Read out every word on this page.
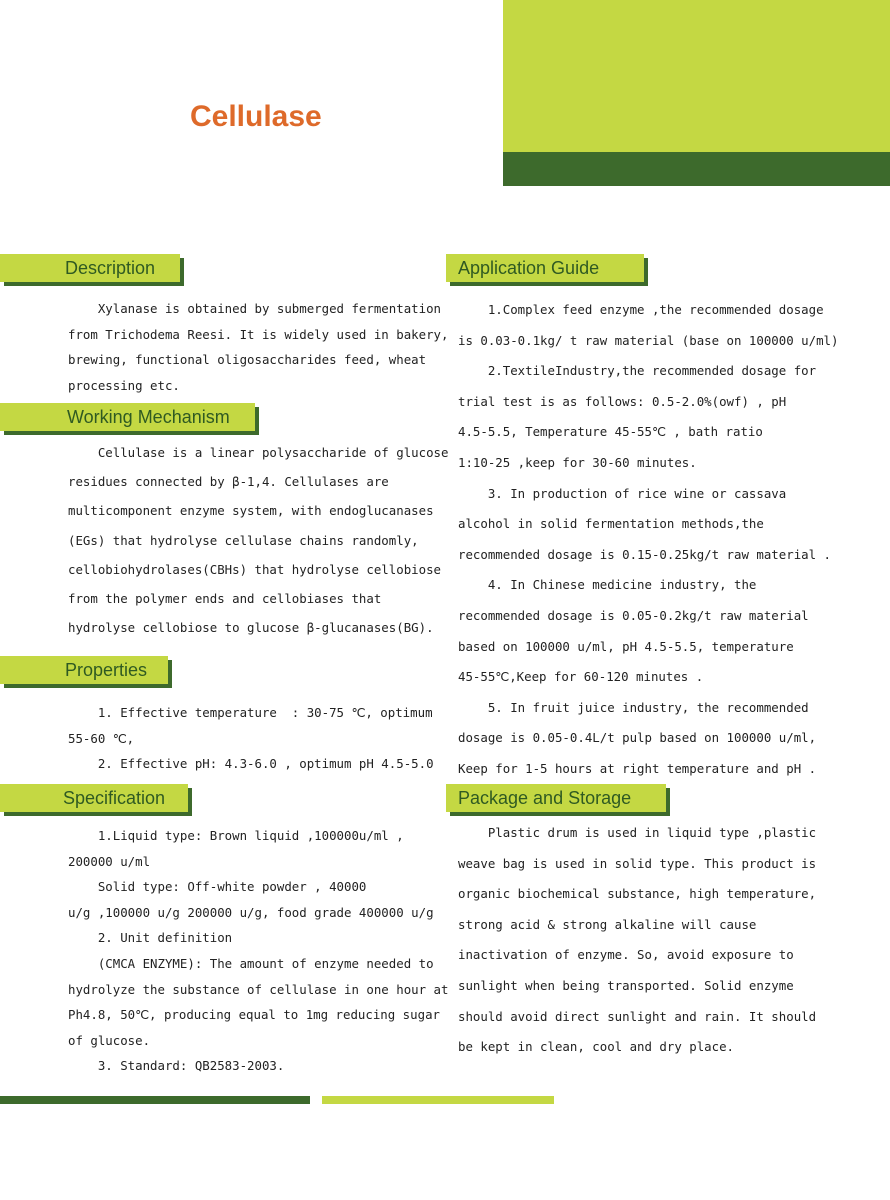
Cellulase
Description
Xylanase is obtained by submerged fermentation
from Trichodema Reesi. It is widely used in bakery,
brewing, functional oligosaccharides feed, wheat
processing etc.
Working Mechanism
Cellulase is a linear polysaccharide of glucose
residues connected by β-1,4. Cellulases are
multicomponent enzyme system, with endoglucanases
(EGs) that hydrolyse cellulase chains randomly,
cellobiohydrolases(CBHs) that hydrolyse cellobiose
from the polymer ends and cellobiases that
hydrolyse cellobiose to glucose β-glucanases(BG).
Properties
1. Effective temperature  : 30-75 ℃, optimum
55-60 ℃,
2. Effective pH: 4.3-6.0 , optimum pH 4.5-5.0
Specification
1.Liquid type: Brown liquid ,100000u/ml ,
200000 u/ml
Solid type: Off-white powder , 40000
u/g ,100000 u/g 200000 u/g, food grade 400000 u/g
2. Unit definition
(CMCA ENZYME): The amount of enzyme needed to
hydrolyze the substance of cellulase in one hour at
Ph4.8, 50℃, producing equal to 1mg reducing sugar
of glucose.
3. Standard: QB2583-2003.
Application Guide
1.Complex feed enzyme ,the recommended dosage
is 0.03-0.1kg/ t raw material (base on 100000 u/ml)
2.TextileIndustry,the recommended dosage for
trial test is as follows: 0.5-2.0%(owf) , pH
4.5-5.5, Temperature 45-55℃ , bath ratio
1:10-25 ,keep for 30-60 minutes.
3. In production of rice wine or cassava
alcohol in solid fermentation methods,the
recommended dosage is 0.15-0.25kg/t raw material .
4. In Chinese medicine industry, the
recommended dosage is 0.05-0.2kg/t raw material
based on 100000 u/ml, pH 4.5-5.5, temperature
45-55℃,Keep for 60-120 minutes .
5. In fruit juice industry, the recommended
dosage is 0.05-0.4L/t pulp based on 100000 u/ml,
Keep for 1-5 hours at right temperature and pH .
Package and Storage
Plastic drum is used in liquid type ,plastic
weave bag is used in solid type. This product is
organic biochemical substance, high temperature,
strong acid & strong alkaline will cause
inactivation of enzyme. So, avoid exposure to
sunlight when being transported. Solid enzyme
should avoid direct sunlight and rain. It should
be kept in clean, cool and dry place.
